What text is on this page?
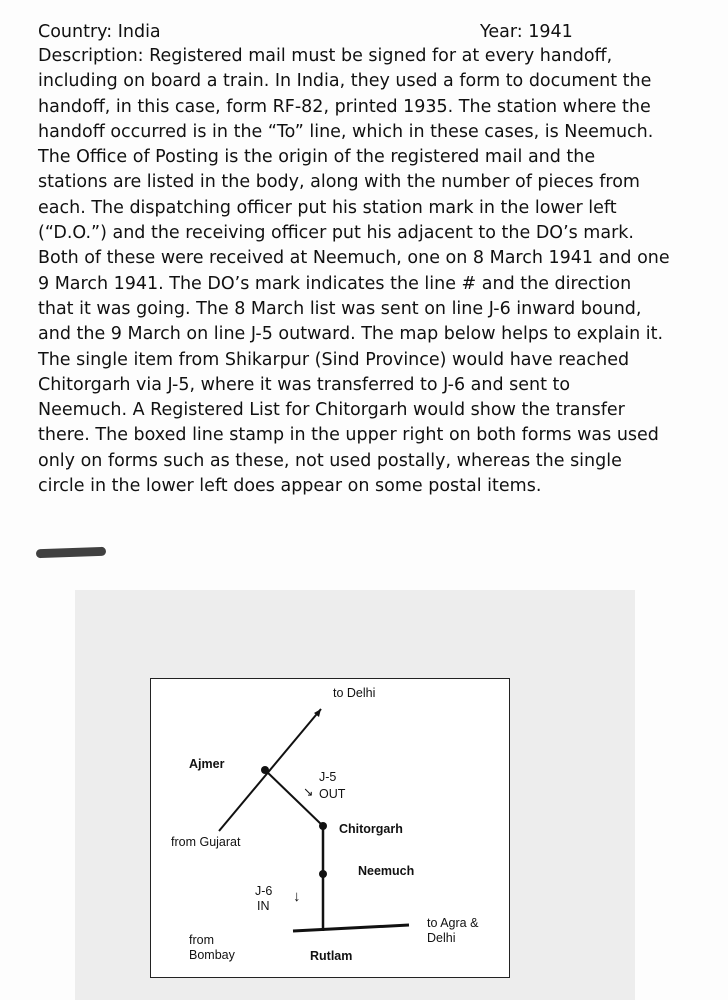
Country: India	Year: 1941
Description: Registered mail must be signed for at every handoff,
including on board a train. In India, they used a form to document the
handoff, in this case, form RF-82, printed 1935. The station where the
handoff occurred is in the “To” line, which in these cases, is Neemuch.
The Office of Posting is the origin of the registered mail and the
stations are listed in the body, along with the number of pieces from
each. The dispatching officer put his station mark in the lower left
(“D.O.”) and the receiving officer put his adjacent to the DO’s mark.
Both of these were received at Neemuch, one on 8 March 1941 and one
9 March 1941. The DO’s mark indicates the line # and the direction
that it was going. The 8 March list was sent on line J-6 inward bound,
and the 9 March on line J-5 outward. The map below helps to explain it.
The single item from Shikarpur (Sind Province) would have reached
Chitorgarh via J-5, where it was transferred to J-6 and sent to
Neemuch. A Registered List for Chitorgarh would show the transfer
there. The boxed line stamp in the upper right on both forms was used
only on forms such as these, not used postally, whereas the single
circle in the lower left does appear on some postal items.
to Delhi
Ajmer
J-5
↘ OUT
from Gujarat
Chitorgarh
Neemuch
J-6
IN
↓
to Agra &
Delhi
from
Bombay	Rutlam
